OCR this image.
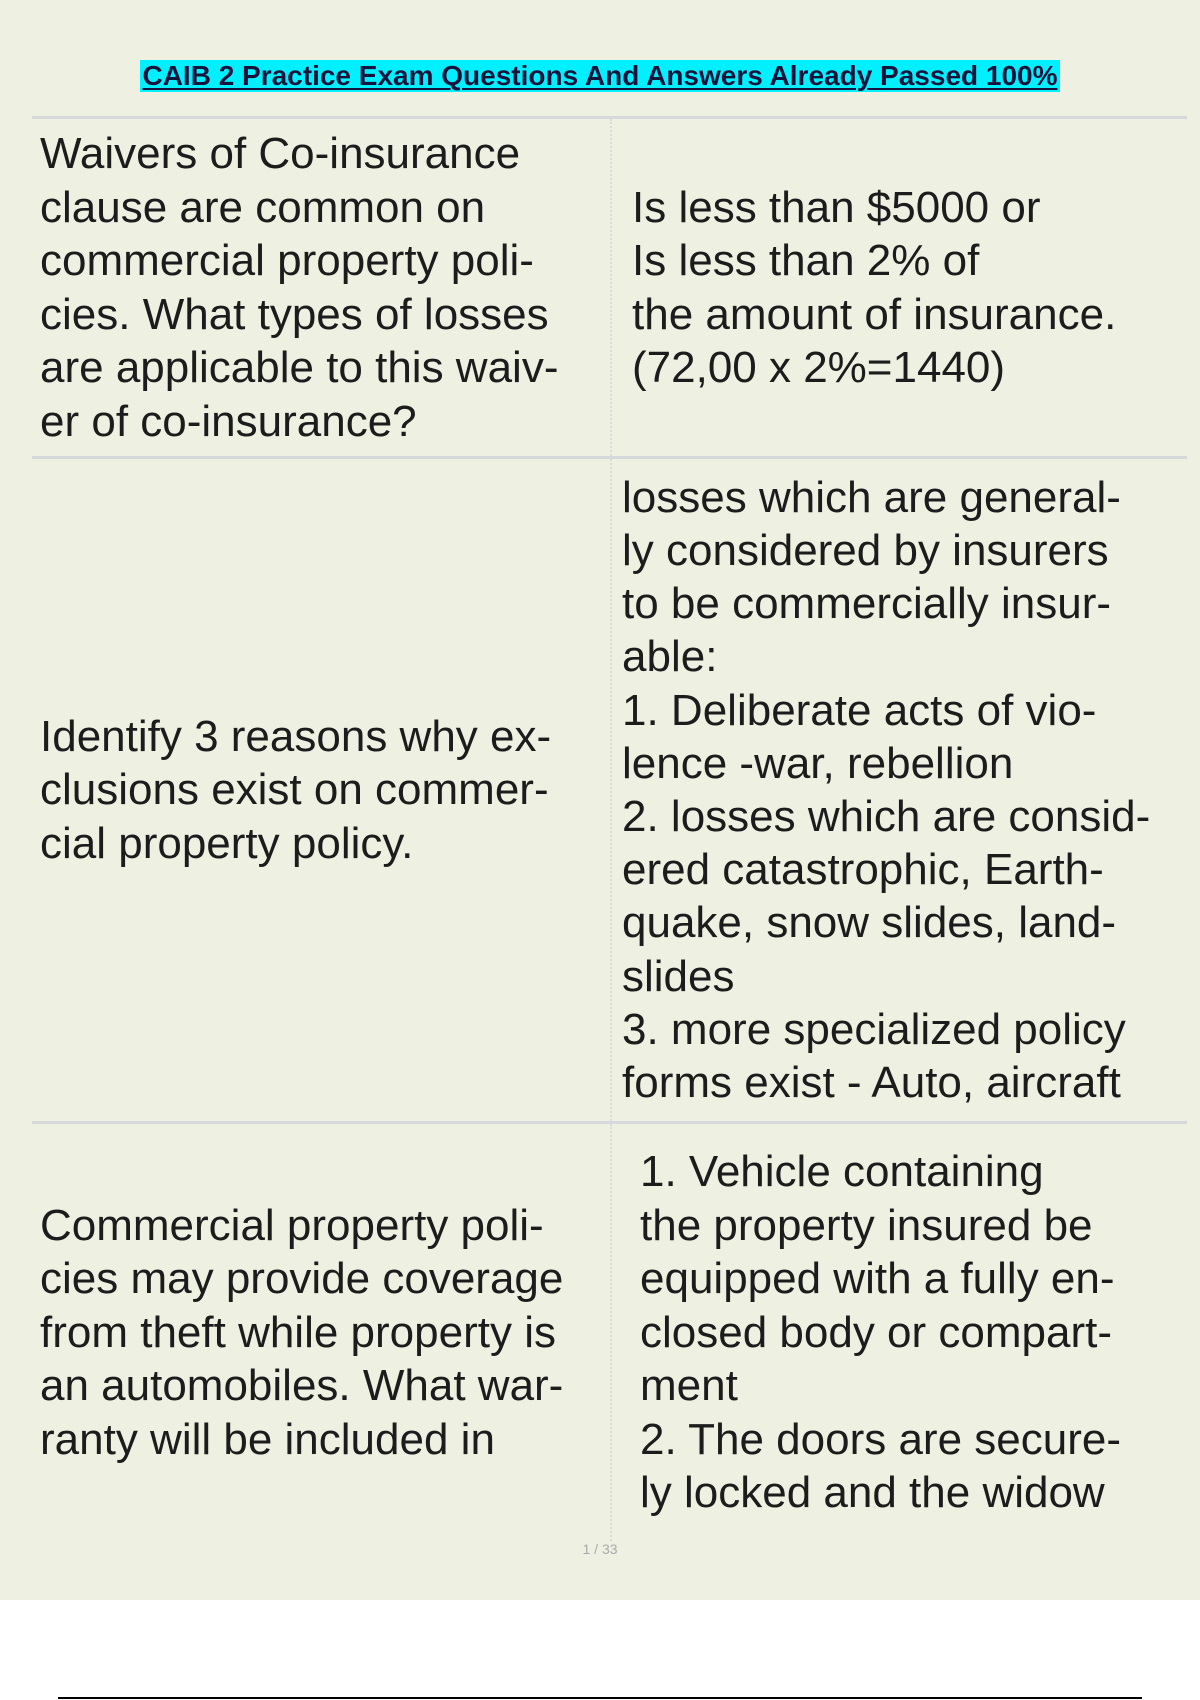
CAIB 2 Practice Exam Questions And Answers Already Passed 100%
Waivers of Co-insurance
clause are common on
commercial property poli-
cies. What types of losses
are applicable to this waiv-
er of co-insurance?
Is less than $5000 or
Is less than 2% of
the amount of insurance.
(72,00 x 2%=1440)
Identify 3 reasons why ex-
clusions exist on commer-
cial property policy.
losses which are general-
ly considered by insurers
to be commercially insur-
able:
1. Deliberate acts of vio-
lence -war, rebellion
2. losses which are consid-
ered catastrophic, Earth-
quake, snow slides, land-
slides
3. more specialized policy
forms exist - Auto, aircraft
Commercial property poli-
cies may provide coverage
from theft while property is
an automobiles. What war-
ranty will be included in
1. Vehicle containing
the property insured be
equipped with a fully en-
closed body or compart-
ment
2. The doors are secure-
ly locked and the widow
1 / 33
